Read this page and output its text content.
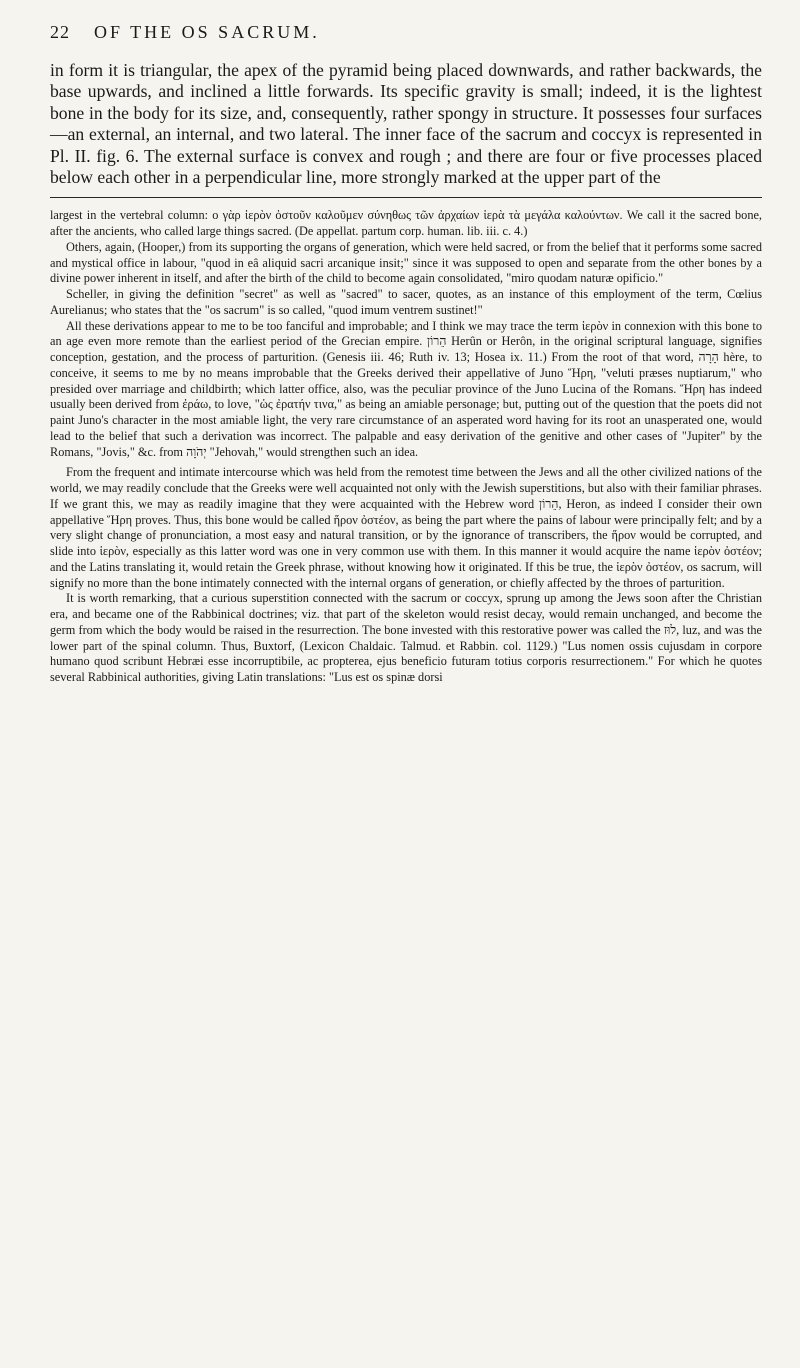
22	OF THE OS SACRUM.

in form it is triangular, the apex of the pyramid being placed downwards, and rather backwards, the base upwards, and inclined a little forwards. Its specific gravity is small; indeed, it is the lightest bone in the body for its size, and, consequently, rather spongy in structure. It possesses four surfaces—an external, an internal, and two lateral. The inner face of the sacrum and coccyx is represented in Pl. II. fig. 6. The external surface is convex and rough ; and there are four or five processes placed below each other in a perpendicular line, more strongly marked at the upper part of the

largest in the vertebral column: ο γὰρ ἱερὸν ὀστοῦν καλοῦμεν σύνηθως τῶν ἀρχαίων ἱερὰ τὰ μεγάλα καλούντων. We call it the sacred bone, after the ancients, who called large things sacred. (De appellat. partum corp. human. lib. iii. c. 4.)

Others, again, (Hooper,) from its supporting the organs of generation, which were held sacred, or from the belief that it performs some sacred and mystical office in labour, "quod in eâ aliquid sacri arcanique insit;" since it was supposed to open and separate from the other bones by a divine power inherent in itself, and after the birth of the child to become again consolidated, "miro quodam naturæ opificio."

Scheller, in giving the definition "secret" as well as "sacred" to sacer, quotes, as an instance of this employment of the term, Cœlius Aurelianus; who states that the "os sacrum" is so called, "quod imum ventrem sustinet!"

All these derivations appear to me to be too fanciful and improbable; and I think we may trace the term ἱερὸν in connexion with this bone to an age even more remote than the earliest period of the Grecian empire. הֵרוֹן Herûn or Herôn, in the original scriptural language, signifies conception, gestation, and the process of parturition. (Genesis iii. 46; Ruth iv. 13; Hosea ix. 11.) From the root of that word, הָרָה hère, to conceive, it seems to me by no means improbable that the Greeks derived their appellative of Juno Ἥρη, "veluti præses nuptiarum," who presided over marriage and childbirth; which latter office, also, was the peculiar province of the Juno Lucina of the Romans. Ἥρη has indeed usually been derived from ἐράω, to love, "ὡς ἐρατήν τινα," as being an amiable personage; but, putting out of the question that the poets did not paint Juno's character in the most amiable light, the very rare circumstance of an asperated word having for its root an unasperated one, would lead to the belief that such a derivation was incorrect. The palpable and easy derivation of the genitive and other cases of "Jupiter" by the Romans, "Jovis," &c. from יְהֹוָה "Jehovah," would strengthen such an idea.

From the frequent and intimate intercourse which was held from the remotest time between the Jews and all the other civilized nations of the world, we may readily conclude that the Greeks were well acquainted not only with the Jewish superstitions, but also with their familiar phrases. If we grant this, we may as readily imagine that they were acquainted with the Hebrew word הֵרוֹן, Heron, as indeed I consider their own appellative Ἥρη proves. Thus, this bone would be called ἥρον ὀστέον, as being the part where the pains of labour were principally felt; and by a very slight change of pronunciation, a most easy and natural transition, or by the ignorance of transcribers, the ἥρον would be corrupted, and slide into ἱερὸν, especially as this latter word was one in very common use with them. In this manner it would acquire the name ἱερὸν ὀστέον; and the Latins translating it, would retain the Greek phrase, without knowing how it originated. If this be true, the ἱερὸν ὀστέον, os sacrum, will signify no more than the bone intimately connected with the internal organs of generation, or chiefly affected by the throes of parturition.

It is worth remarking, that a curious superstition connected with the sacrum or coccyx, sprung up among the Jews soon after the Christian era, and became one of the Rabbinical doctrines; viz. that part of the skeleton would resist decay, would remain unchanged, and become the germ from which the body would be raised in the resurrection. The bone invested with this restorative power was called the לוּז, luz, and was the lower part of the spinal column. Thus, Buxtorf, (Lexicon Chaldaic. Talmud. et Rabbin. col. 1129.) "Lus nomen ossis cujusdam in corpore humano quod scribunt Hebræi esse incorruptibile, ac propterea, ejus beneficio futuram totius corporis resurrectionem." For which he quotes several Rabbinical authorities, giving Latin translations: "Lus est os spinæ dorsi
